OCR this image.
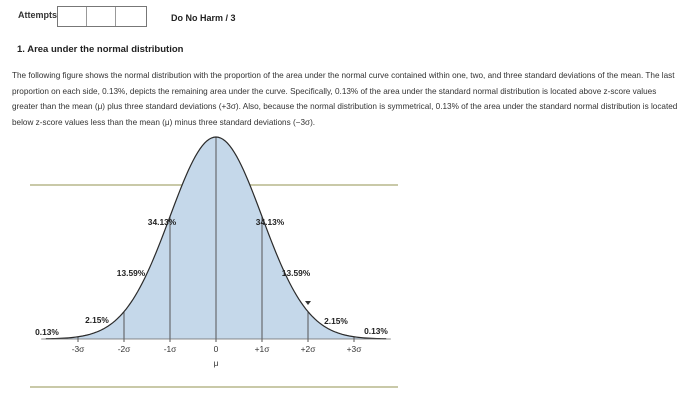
Attempts	Do No Harm / 3
1. Area under the normal distribution
The following figure shows the normal distribution with the proportion of the area under the normal curve contained within one, two, and three standard deviations of the mean. The last proportion on each side, 0.13%, depicts the remaining area under the curve. Specifically, 0.13% of the area under the standard normal distribution is located above z-score values greater than the mean (μ) plus three standard deviations (+3σ). Also, because the normal distribution is symmetrical, 0.13% of the area under the standard normal distribution is located below z-score values less than the mean (μ) minus three standard deviations (−3σ).
0.13%
2.15%
13.59%
34.13%	34.13%
13.59%
2.15%
0.13%
-3σ	-2σ	-1σ	0	+1σ	+2σ	+3σ
μ
